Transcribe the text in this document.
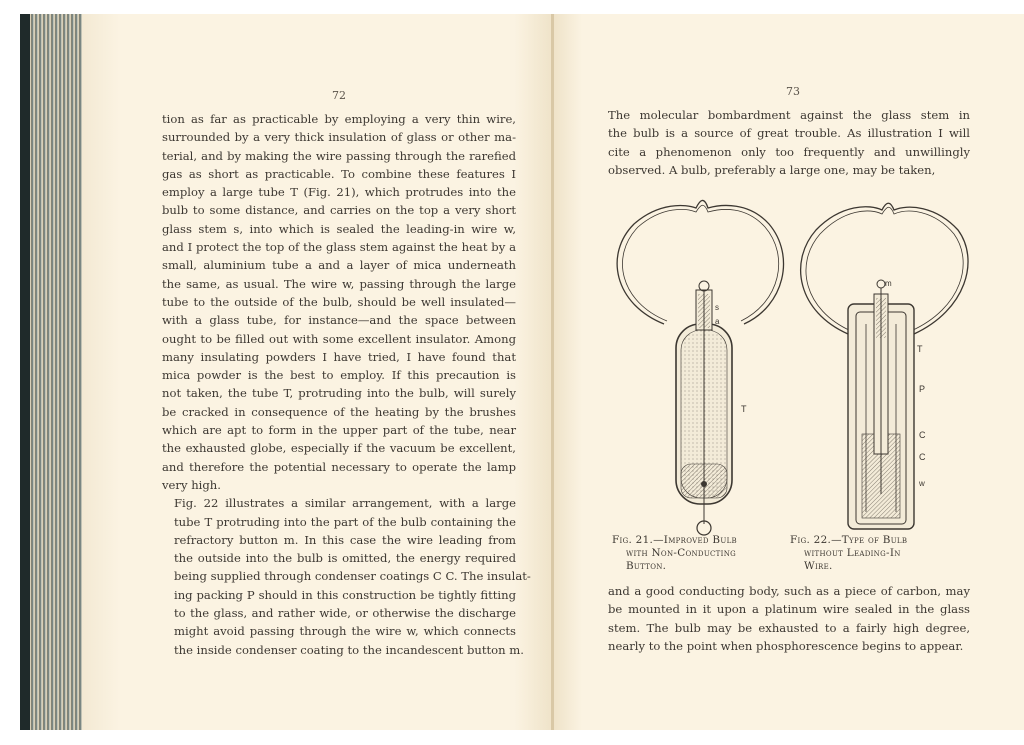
72

tion as far as practicable by employing a very thin wire,
surrounded by a very thick insulation of glass or other ma-
terial, and by making the wire passing through the rarefied
gas as short as practicable. To combine these features I
employ a large tube T (Fig. 21), which protrudes into the
bulb to some distance, and carries on the top a very short
glass stem s, into which is sealed the leading-in wire w,
and I protect the top of the glass stem against the heat by a
small, aluminium tube a and a layer of mica underneath
the same, as usual. The wire w, passing through the large
tube to the outside of the bulb, should be well insulated—
with a glass tube, for instance—and the space between
ought to be filled out with some excellent insulator. Among
many insulating powders I have tried, I have found that
mica powder is the best to employ. If this precaution is
not taken, the tube T, protruding into the bulb, will surely
be cracked in consequence of the heating by the brushes
which are apt to form in the upper part of the tube, near
the exhausted globe, especially if the vacuum be excellent,
and therefore the potential necessary to operate the lamp
very high.

Fig. 22 illustrates a similar arrangement, with a large
tube T protruding into the part of the bulb containing the
refractory button m. In this case the wire leading from
the outside into the bulb is omitted, the energy required
being supplied through condenser coatings C C. The insulat-
ing packing P should in this construction be tightly fitting
to the glass, and rather wide, or otherwise the discharge
might avoid passing through the wire w, which connects
the inside condenser coating to the incandescent button m.

73

The molecular bombardment against the glass stem in
the bulb is a source of great trouble. As illustration I will
cite a phenomenon only too frequently and unwillingly
observed. A bulb, preferably a large one, may be taken,

s
a
T
m
T
P
C
C
w
Fig. 21.—Improved Bulb
with Non-Conducting
Button.
Fig. 22.—Type of Bulb
without Leading-In
Wire.

and a good conducting body, such as a piece of carbon, may
be mounted in it upon a platinum wire sealed in the glass
stem. The bulb may be exhausted to a fairly high degree,
nearly to the point when phosphorescence begins to appear.
